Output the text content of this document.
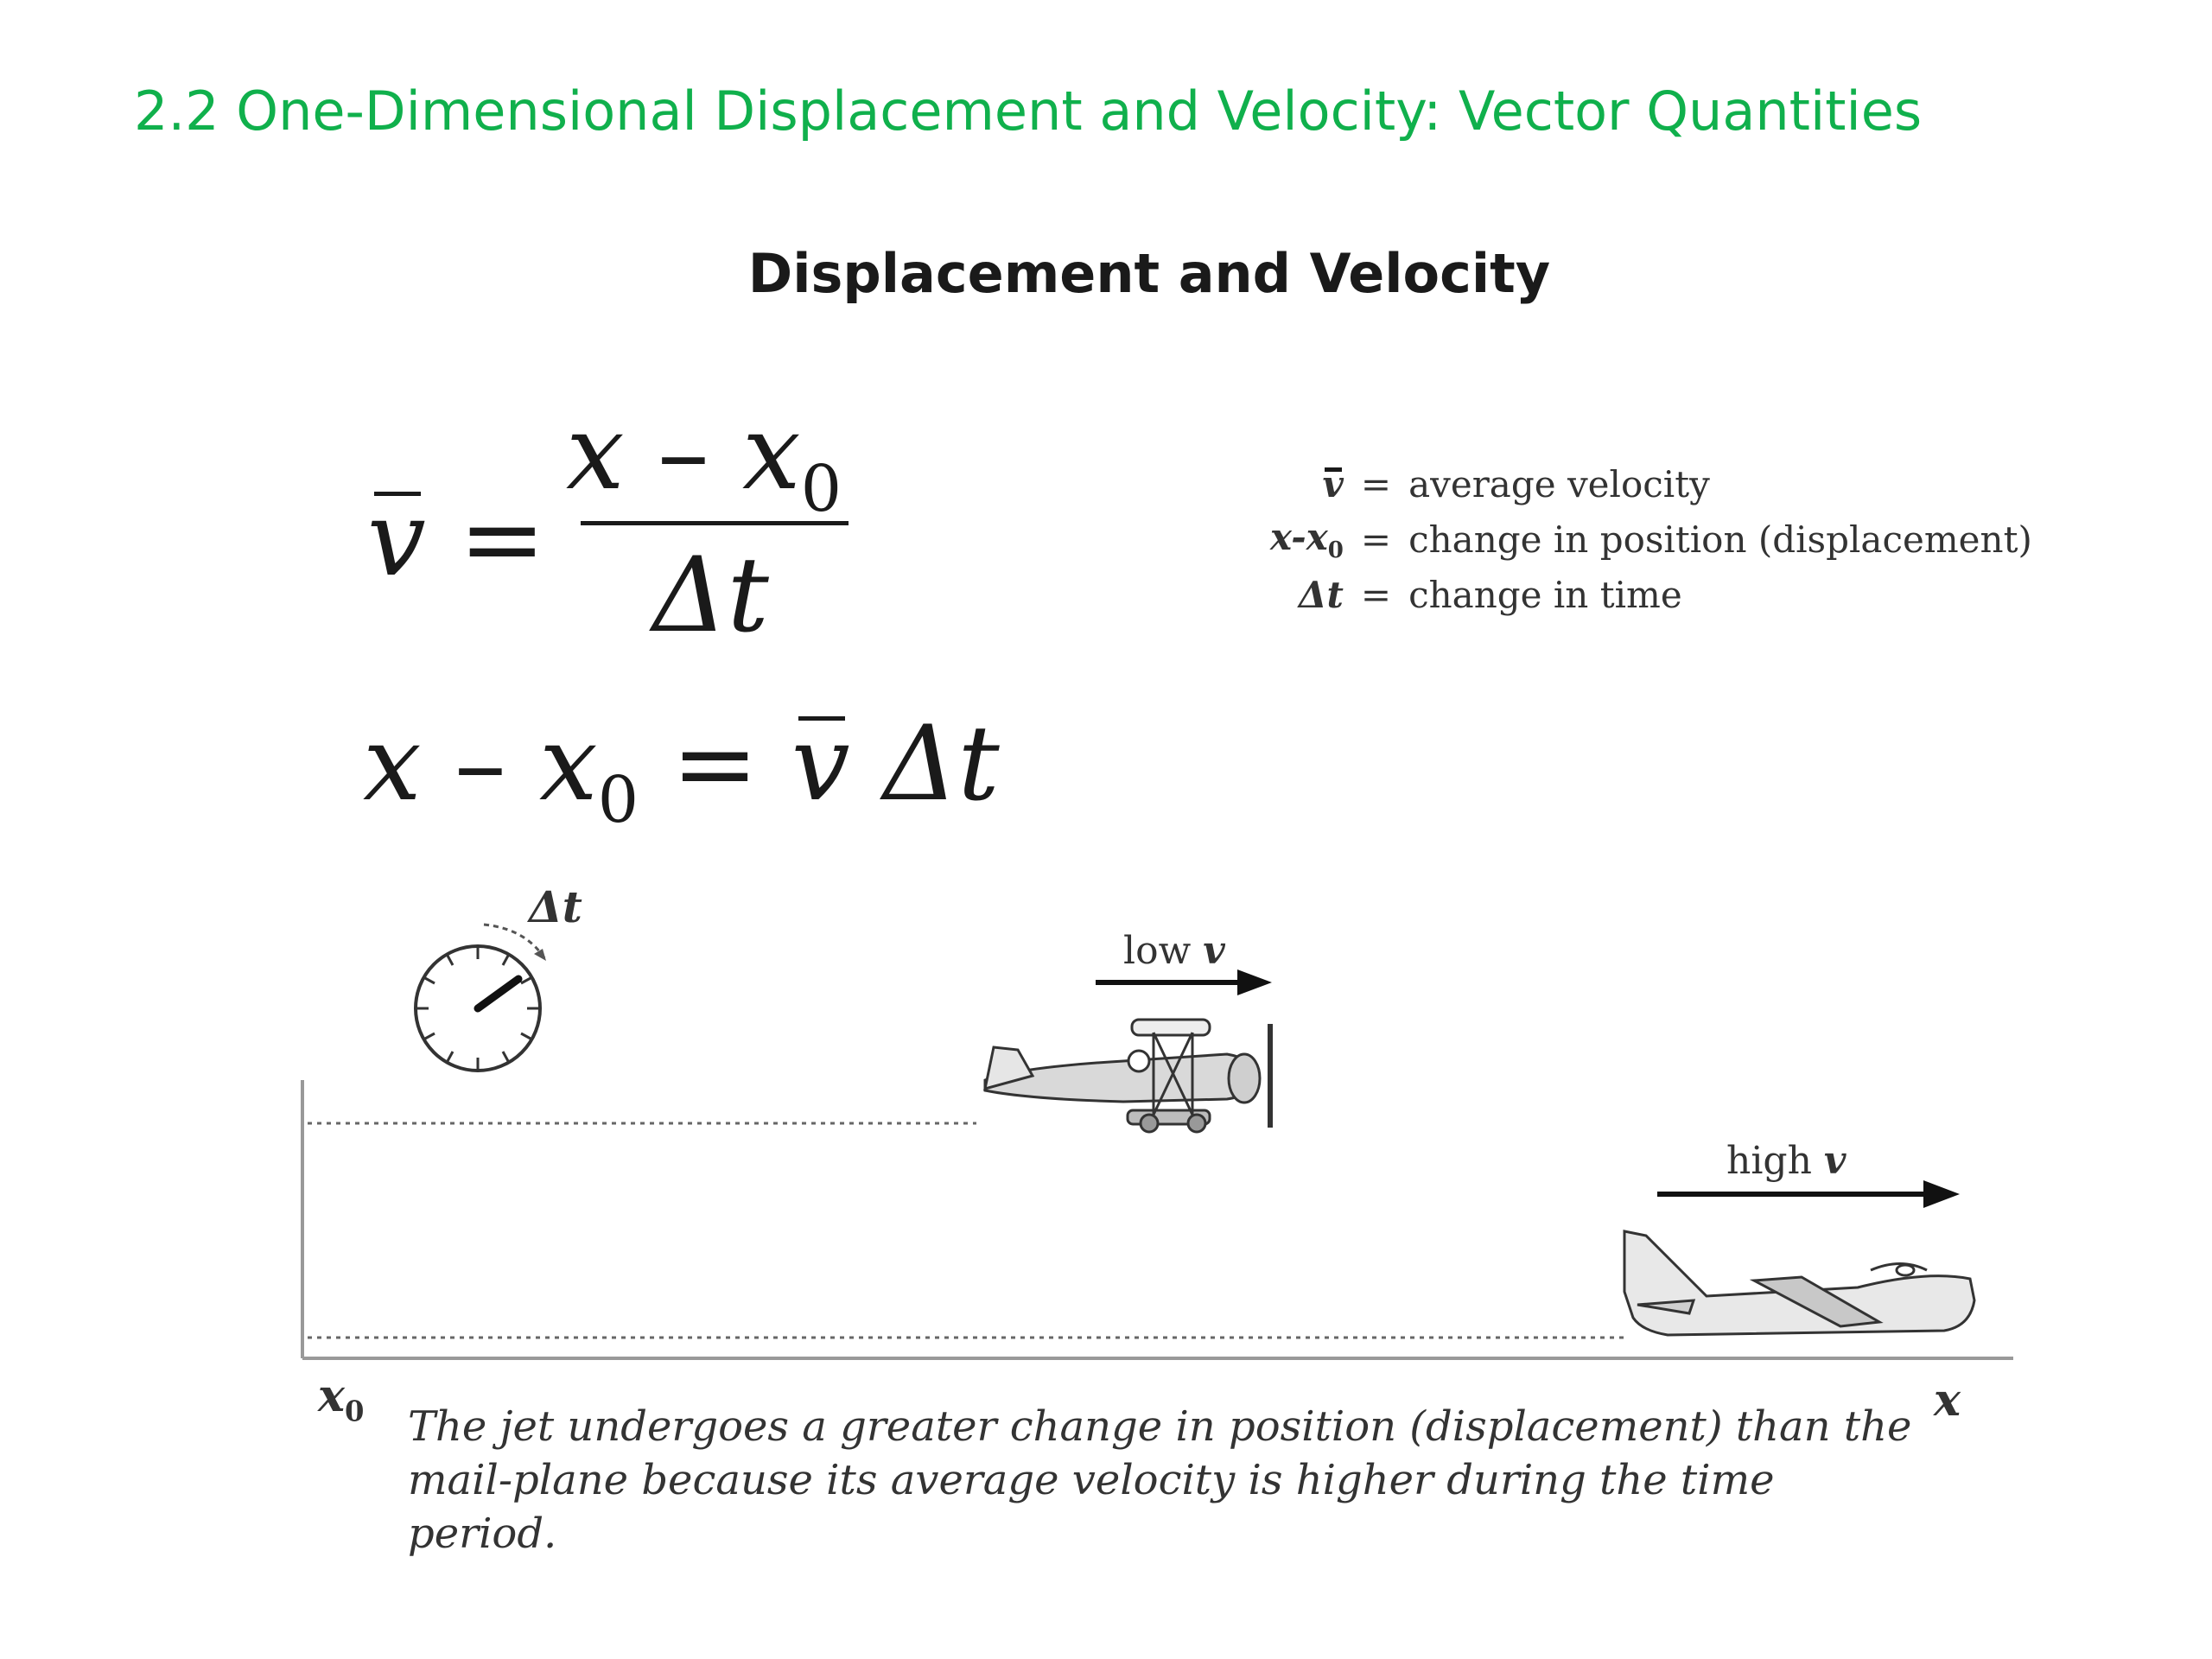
2.2 One-Dimensional Displacement and Velocity: Vector Quantities
Displacement and Velocity
v =
x – $x_0$
Δt
$x - x_0 = v$ Δt
v	=	average velocity
$x-x_0$	=	change in position (displacement)
Δt	=	change in time
Δt
low v
high v
$x_0$	x
The jet undergoes a greater change in position (displacement) than the mail-plane because its average velocity is higher during the time period.
